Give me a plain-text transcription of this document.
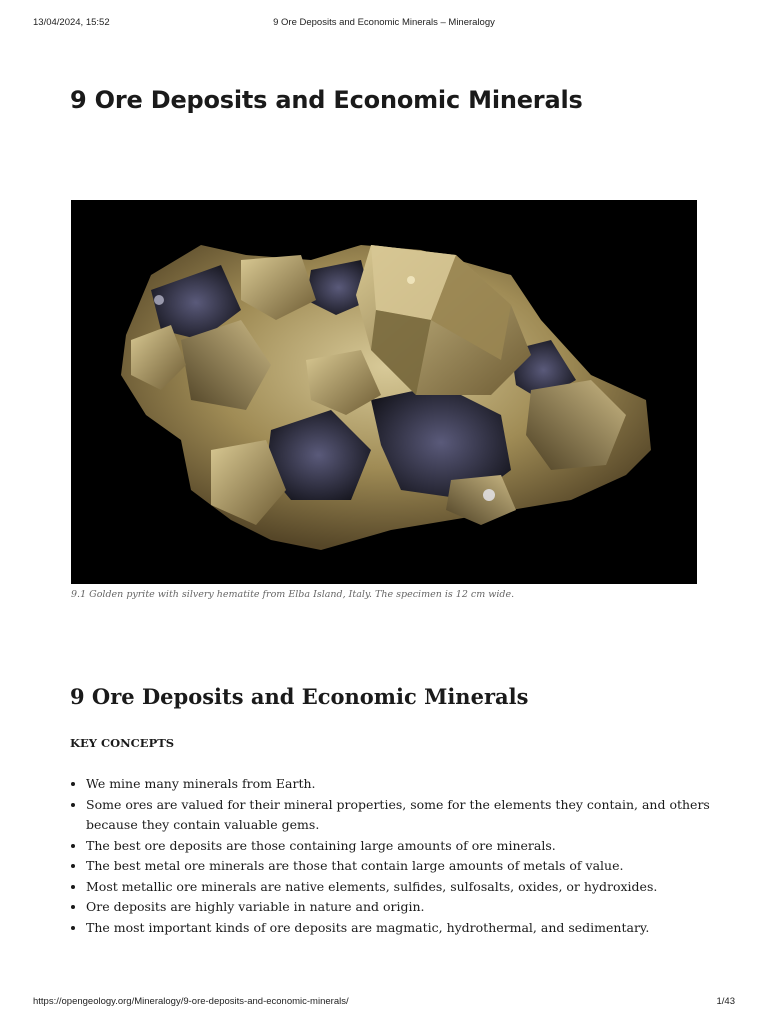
13/04/2024, 15:52	9 Ore Deposits and Economic Minerals – Mineralogy
9 Ore Deposits and Economic Minerals
9.1 Golden pyrite with silvery hematite from Elba Island, Italy. The specimen is 12 cm wide.
9 Ore Deposits and Economic Minerals
KEY CONCEPTS
• We mine many minerals from Earth.
• Some ores are valued for their mineral properties, some for the elements they contain, and others because they contain valuable gems.
• The best ore deposits are those containing large amounts of ore minerals.
• The best metal ore minerals are those that contain large amounts of metals of value.
• Most metallic ore minerals are native elements, sulfides, sulfosalts, oxides, or hydroxides.
• Ore deposits are highly variable in nature and origin.
• The most important kinds of ore deposits are magmatic, hydrothermal, and sedimentary.
https://opengeology.org/Mineralogy/9-ore-deposits-and-economic-minerals/	1/43
